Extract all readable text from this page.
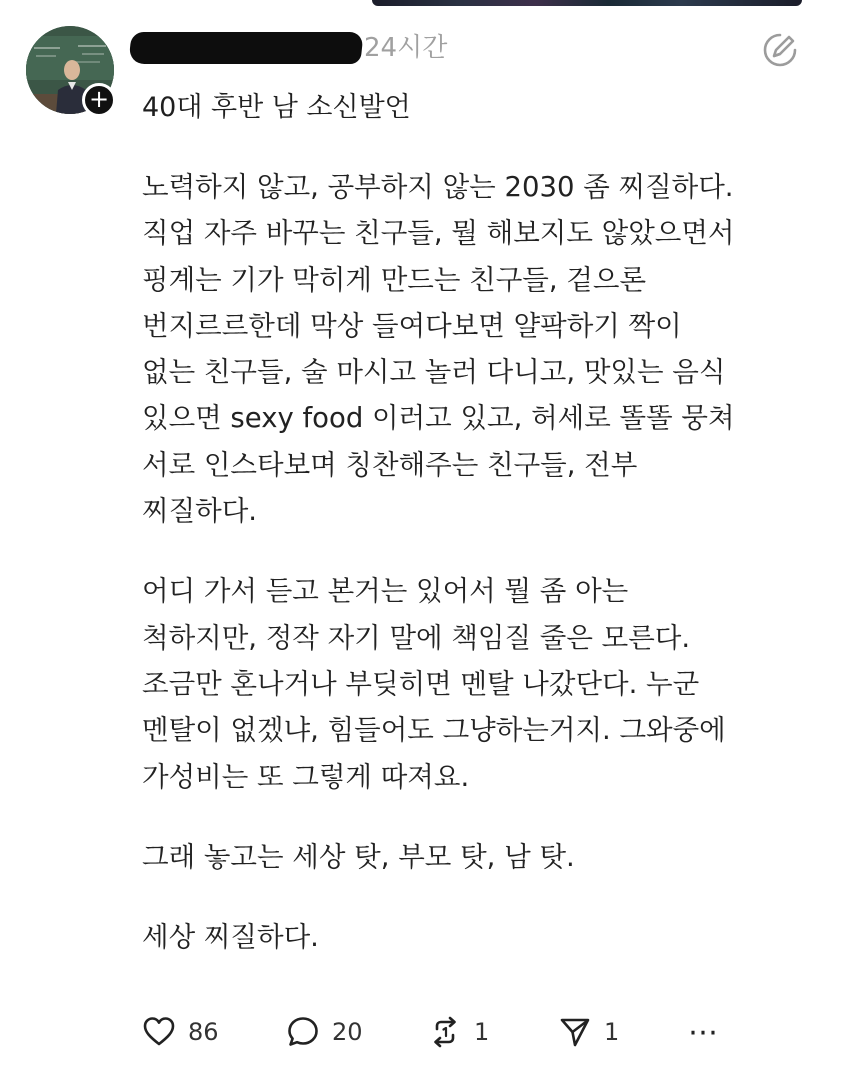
+
24시간
40대 후반 남 소신발언

노력하지 않고, 공부하지 않는 2030 좀 찌질하다.
직업 자주 바꾸는 친구들, 뭘 해보지도 않았으면서
핑계는 기가 막히게 만드는 친구들, 겉으론
번지르르한데 막상 들여다보면 얄팍하기 짝이
없는 친구들, 술 마시고 놀러 다니고, 맛있는 음식
있으면 sexy food 이러고 있고, 허세로 똘똘 뭉쳐
서로 인스타보며 칭찬해주는 친구들, 전부
찌질하다.

어디 가서 듣고 본거는 있어서 뭘 좀 아는
척하지만, 정작 자기 말에 책임질 줄은 모른다.
조금만 혼나거나 부딪히면 멘탈 나갔단다. 누군
멘탈이 없겠냐, 힘들어도 그냥하는거지. 그와중에
가성비는 또 그렇게 따져요.

그래 놓고는 세상 탓, 부모 탓, 남 탓.

세상 찌질하다.

86	20	1	1 ⋯
